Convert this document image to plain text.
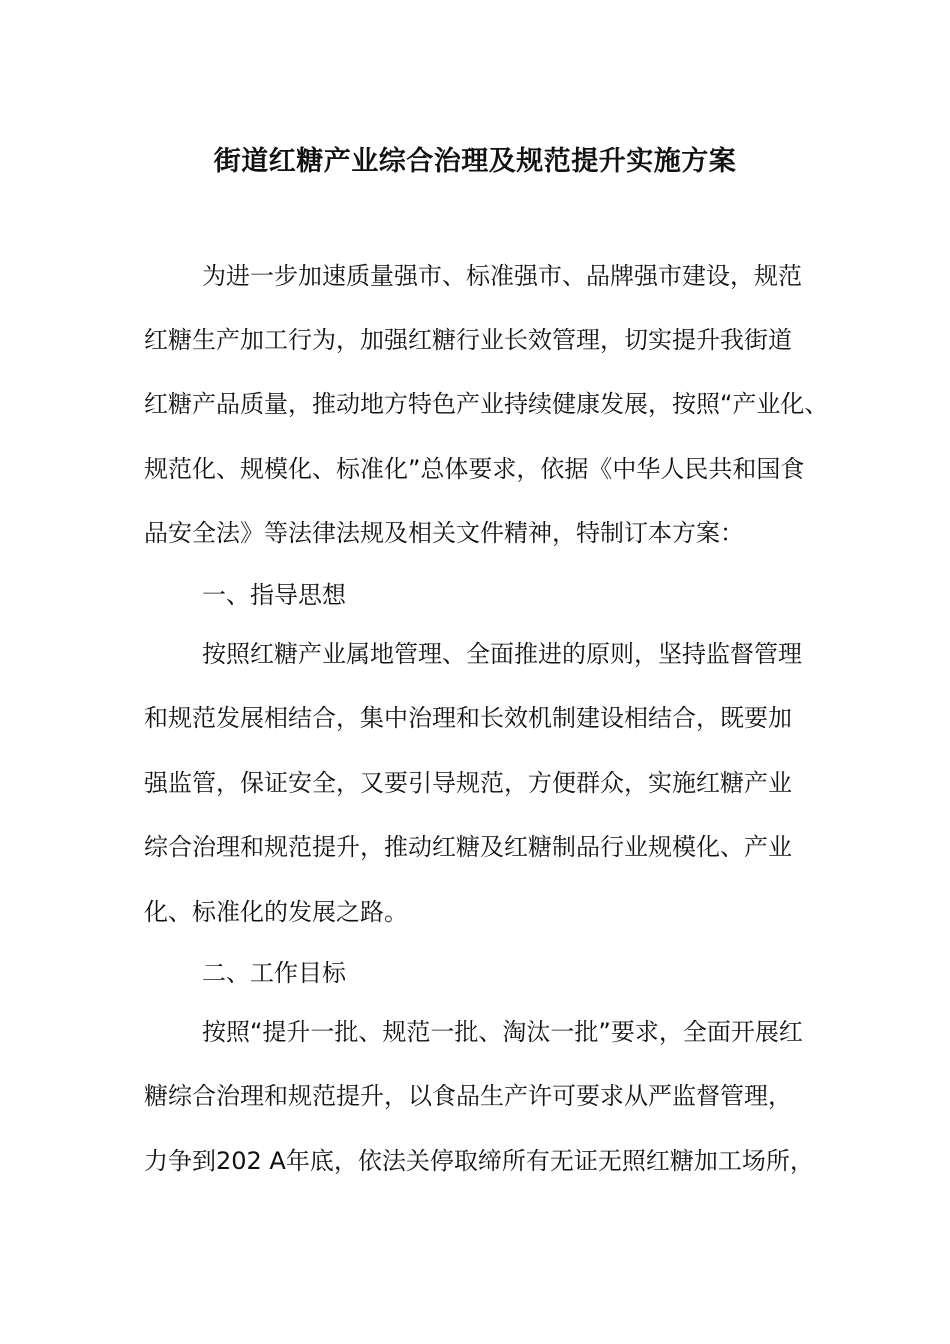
街道红糖产业综合治理及规范提升实施方案
为进一步加速质量强市、标准强市、品牌强市建设，规范
红糖生产加工行为，加强红糖行业长效管理，切实提升我街道
红糖产品质量，推动地方特色产业持续健康发展，按照“产业化、
规范化、规模化、标准化”总体要求，依据《中华人民共和国食
品安全法》等法律法规及相关文件精神，特制订本方案：
一、指导思想
按照红糖产业属地管理、全面推进的原则，坚持监督管理
和规范发展相结合，集中治理和长效机制建设相结合，既要加
强监管，保证安全，又要引导规范，方便群众，实施红糖产业
综合治理和规范提升，推动红糖及红糖制品行业规模化、产业
化、标准化的发展之路。
二、工作目标
按照“提升一批、规范一批、淘汰一批”要求，全面开展红
糖综合治理和规范提升，以食品生产许可要求从严监督管理，
力争到202 A年底，依法关停取缔所有无证无照红糖加工场所，
